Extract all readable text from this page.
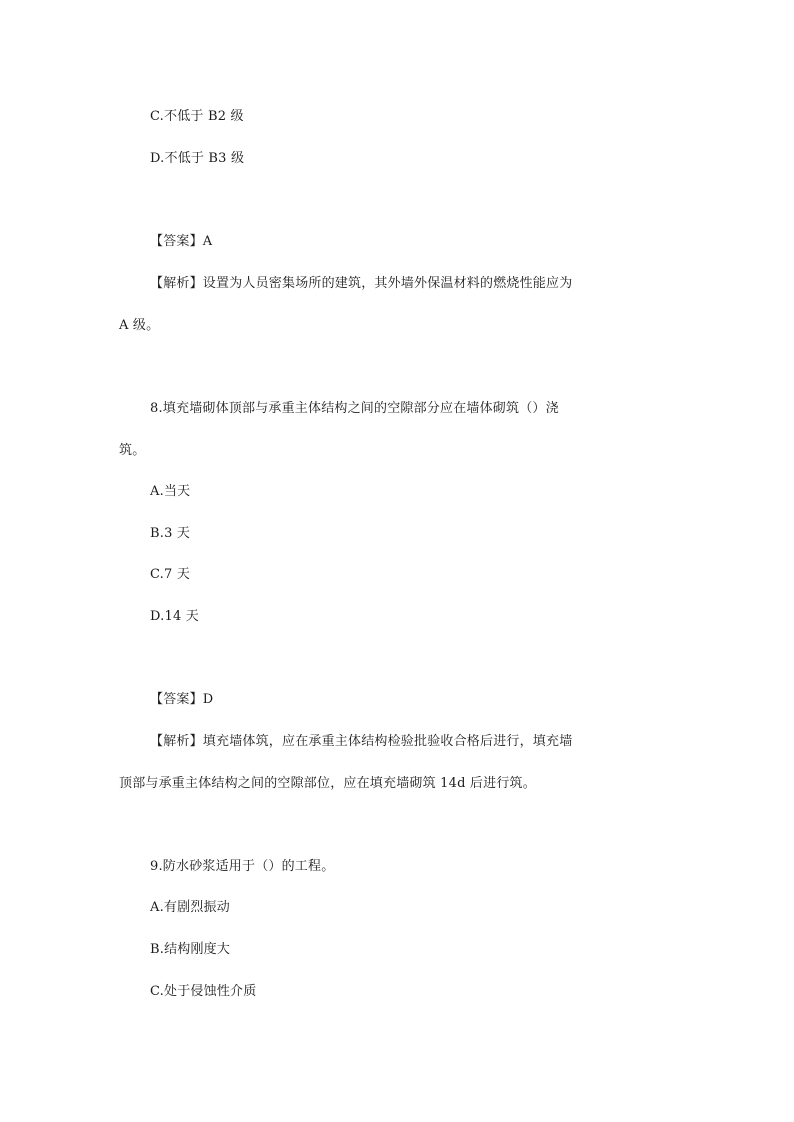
C.不低于 B2 级
D.不低于 B3 级
【答案】A
【解析】设置为人员密集场所的建筑，其外墙外保温材料的燃烧性能应为
A 级。
8.填充墙砌体顶部与承重主体结构之间的空隙部分应在墙体砌筑（）浇
筑。
A.当天
B.3 天
C.7 天
D.14 天
【答案】D
【解析】填充墙体筑，应在承重主体结构检验批验收合格后进行，填充墙
顶部与承重主体结构之间的空隙部位，应在填充墙砌筑 14d 后进行筑。
9.防水砂浆适用于（）的工程。
A.有剧烈振动
B.结构刚度大
C.处于侵蚀性介质
